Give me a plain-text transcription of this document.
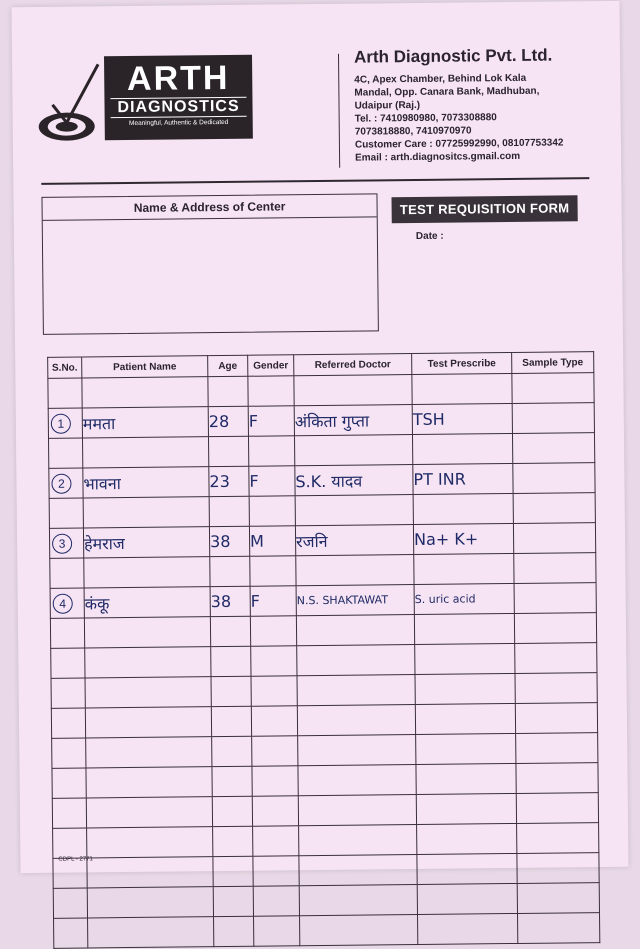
ARTH
DIAGNOSTICS
Meaningful, Authentic & Dedicated
Arth Diagnostic Pvt. Ltd.
4C, Apex Chamber, Behind Lok Kala
Mandal, Opp. Canara Bank, Madhuban,
Udaipur (Raj.)
Tel. : 7410980980, 7073308880
7073818880, 7410970970
Customer Care : 07725992990, 08107753342
Email : arth.diagnositcs.gmail.com
Name & Address of Center	TEST REQUISITION FORM
Date :
S.No.	Patient Name	Age	Gender	Referred Doctor	Test Prescribe	Sample Type

1	ममता	28	F	अंकिता गुप्ता	TSH	

2	भावना	23	F	S.K. यादव	PT INR	

3	हेमराज	38	M	रजनि	Na+ K+	

4	कंकू	38	F	N.S. SHAKTAWAT	S. uric acid	

CDPL - 2771
